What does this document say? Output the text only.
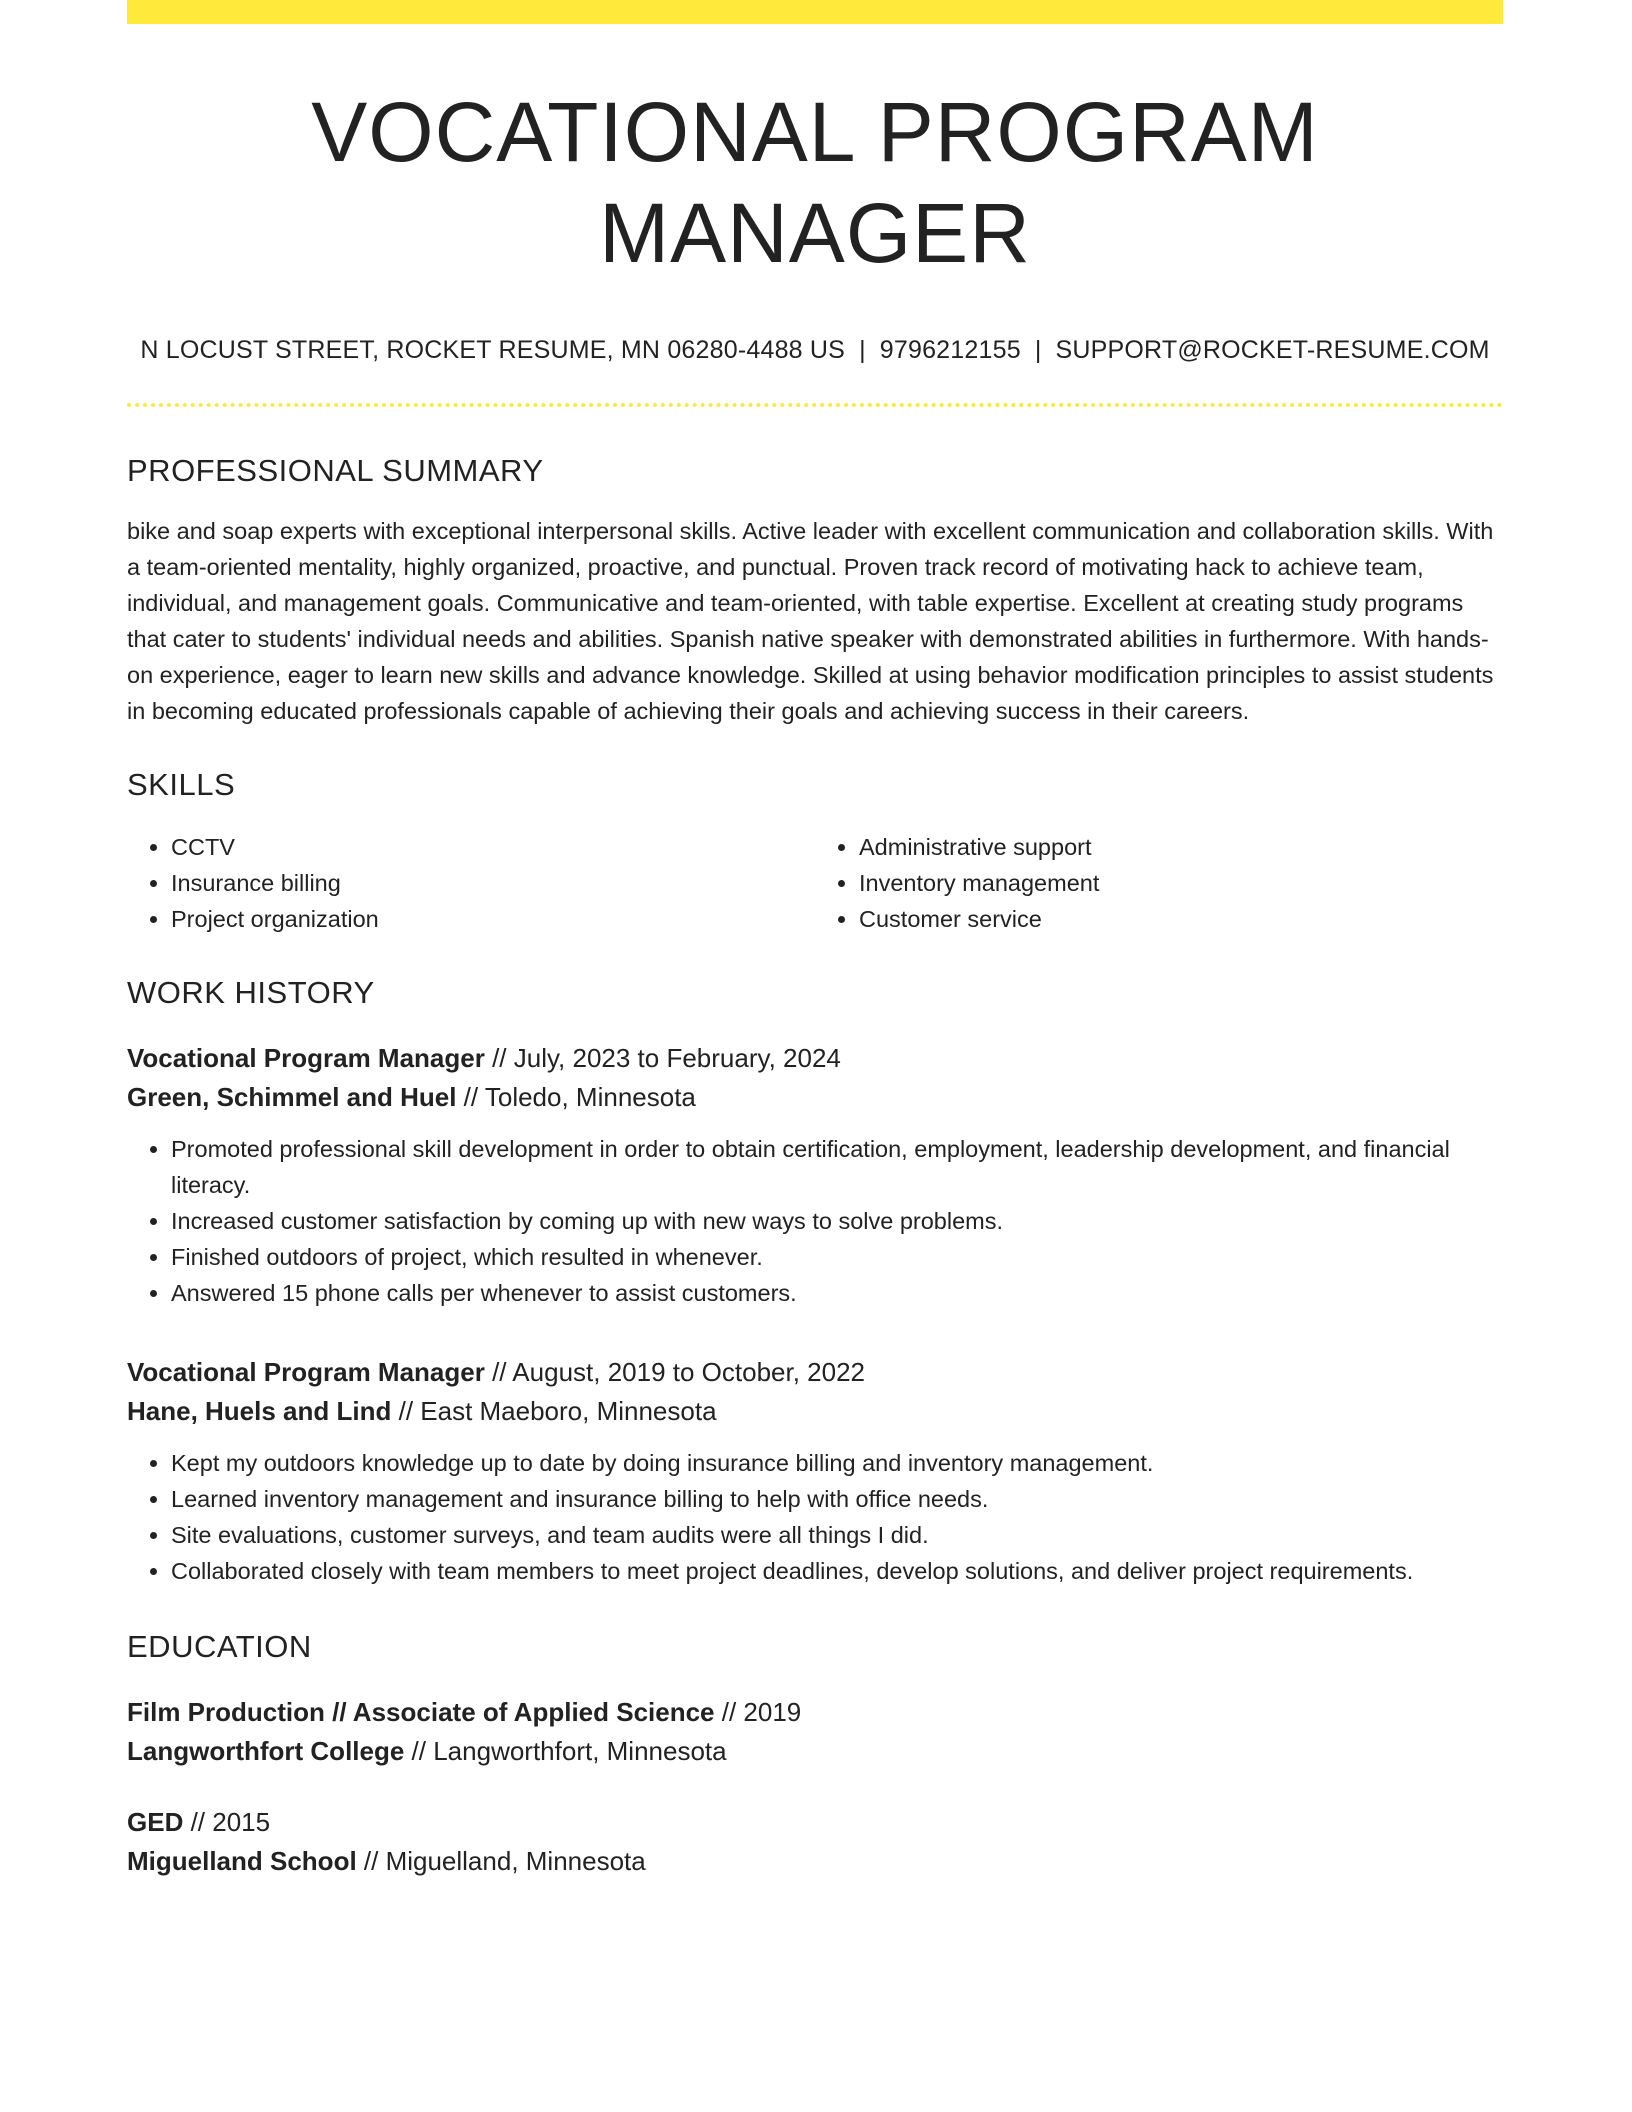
VOCATIONAL PROGRAM MANAGER
N LOCUST STREET, ROCKET RESUME, MN 06280-4488 US | 9796212155 | SUPPORT@ROCKET-RESUME.COM
PROFESSIONAL SUMMARY
bike and soap experts with exceptional interpersonal skills. Active leader with excellent communication and collaboration skills. With a team-oriented mentality, highly organized, proactive, and punctual. Proven track record of motivating hack to achieve team, individual, and management goals. Communicative and team-oriented, with table expertise. Excellent at creating study programs that cater to students' individual needs and abilities. Spanish native speaker with demonstrated abilities in furthermore. With hands-on experience, eager to learn new skills and advance knowledge. Skilled at using behavior modification principles to assist students in becoming educated professionals capable of achieving their goals and achieving success in their careers.
SKILLS
• CCTV
• Insurance billing
• Project organization
• Administrative support
• Inventory management
• Customer service
WORK HISTORY
Vocational Program Manager // July, 2023 to February, 2024
Green, Schimmel and Huel // Toledo, Minnesota
• Promoted professional skill development in order to obtain certification, employment, leadership development, and financial literacy.
• Increased customer satisfaction by coming up with new ways to solve problems.
• Finished outdoors of project, which resulted in whenever.
• Answered 15 phone calls per whenever to assist customers.
Vocational Program Manager // August, 2019 to October, 2022
Hane, Huels and Lind // East Maeboro, Minnesota
• Kept my outdoors knowledge up to date by doing insurance billing and inventory management.
• Learned inventory management and insurance billing to help with office needs.
• Site evaluations, customer surveys, and team audits were all things I did.
• Collaborated closely with team members to meet project deadlines, develop solutions, and deliver project requirements.
EDUCATION
Film Production // Associate of Applied Science // 2019
Langworthfort College // Langworthfort, Minnesota
GED // 2015
Miguelland School // Miguelland, Minnesota
